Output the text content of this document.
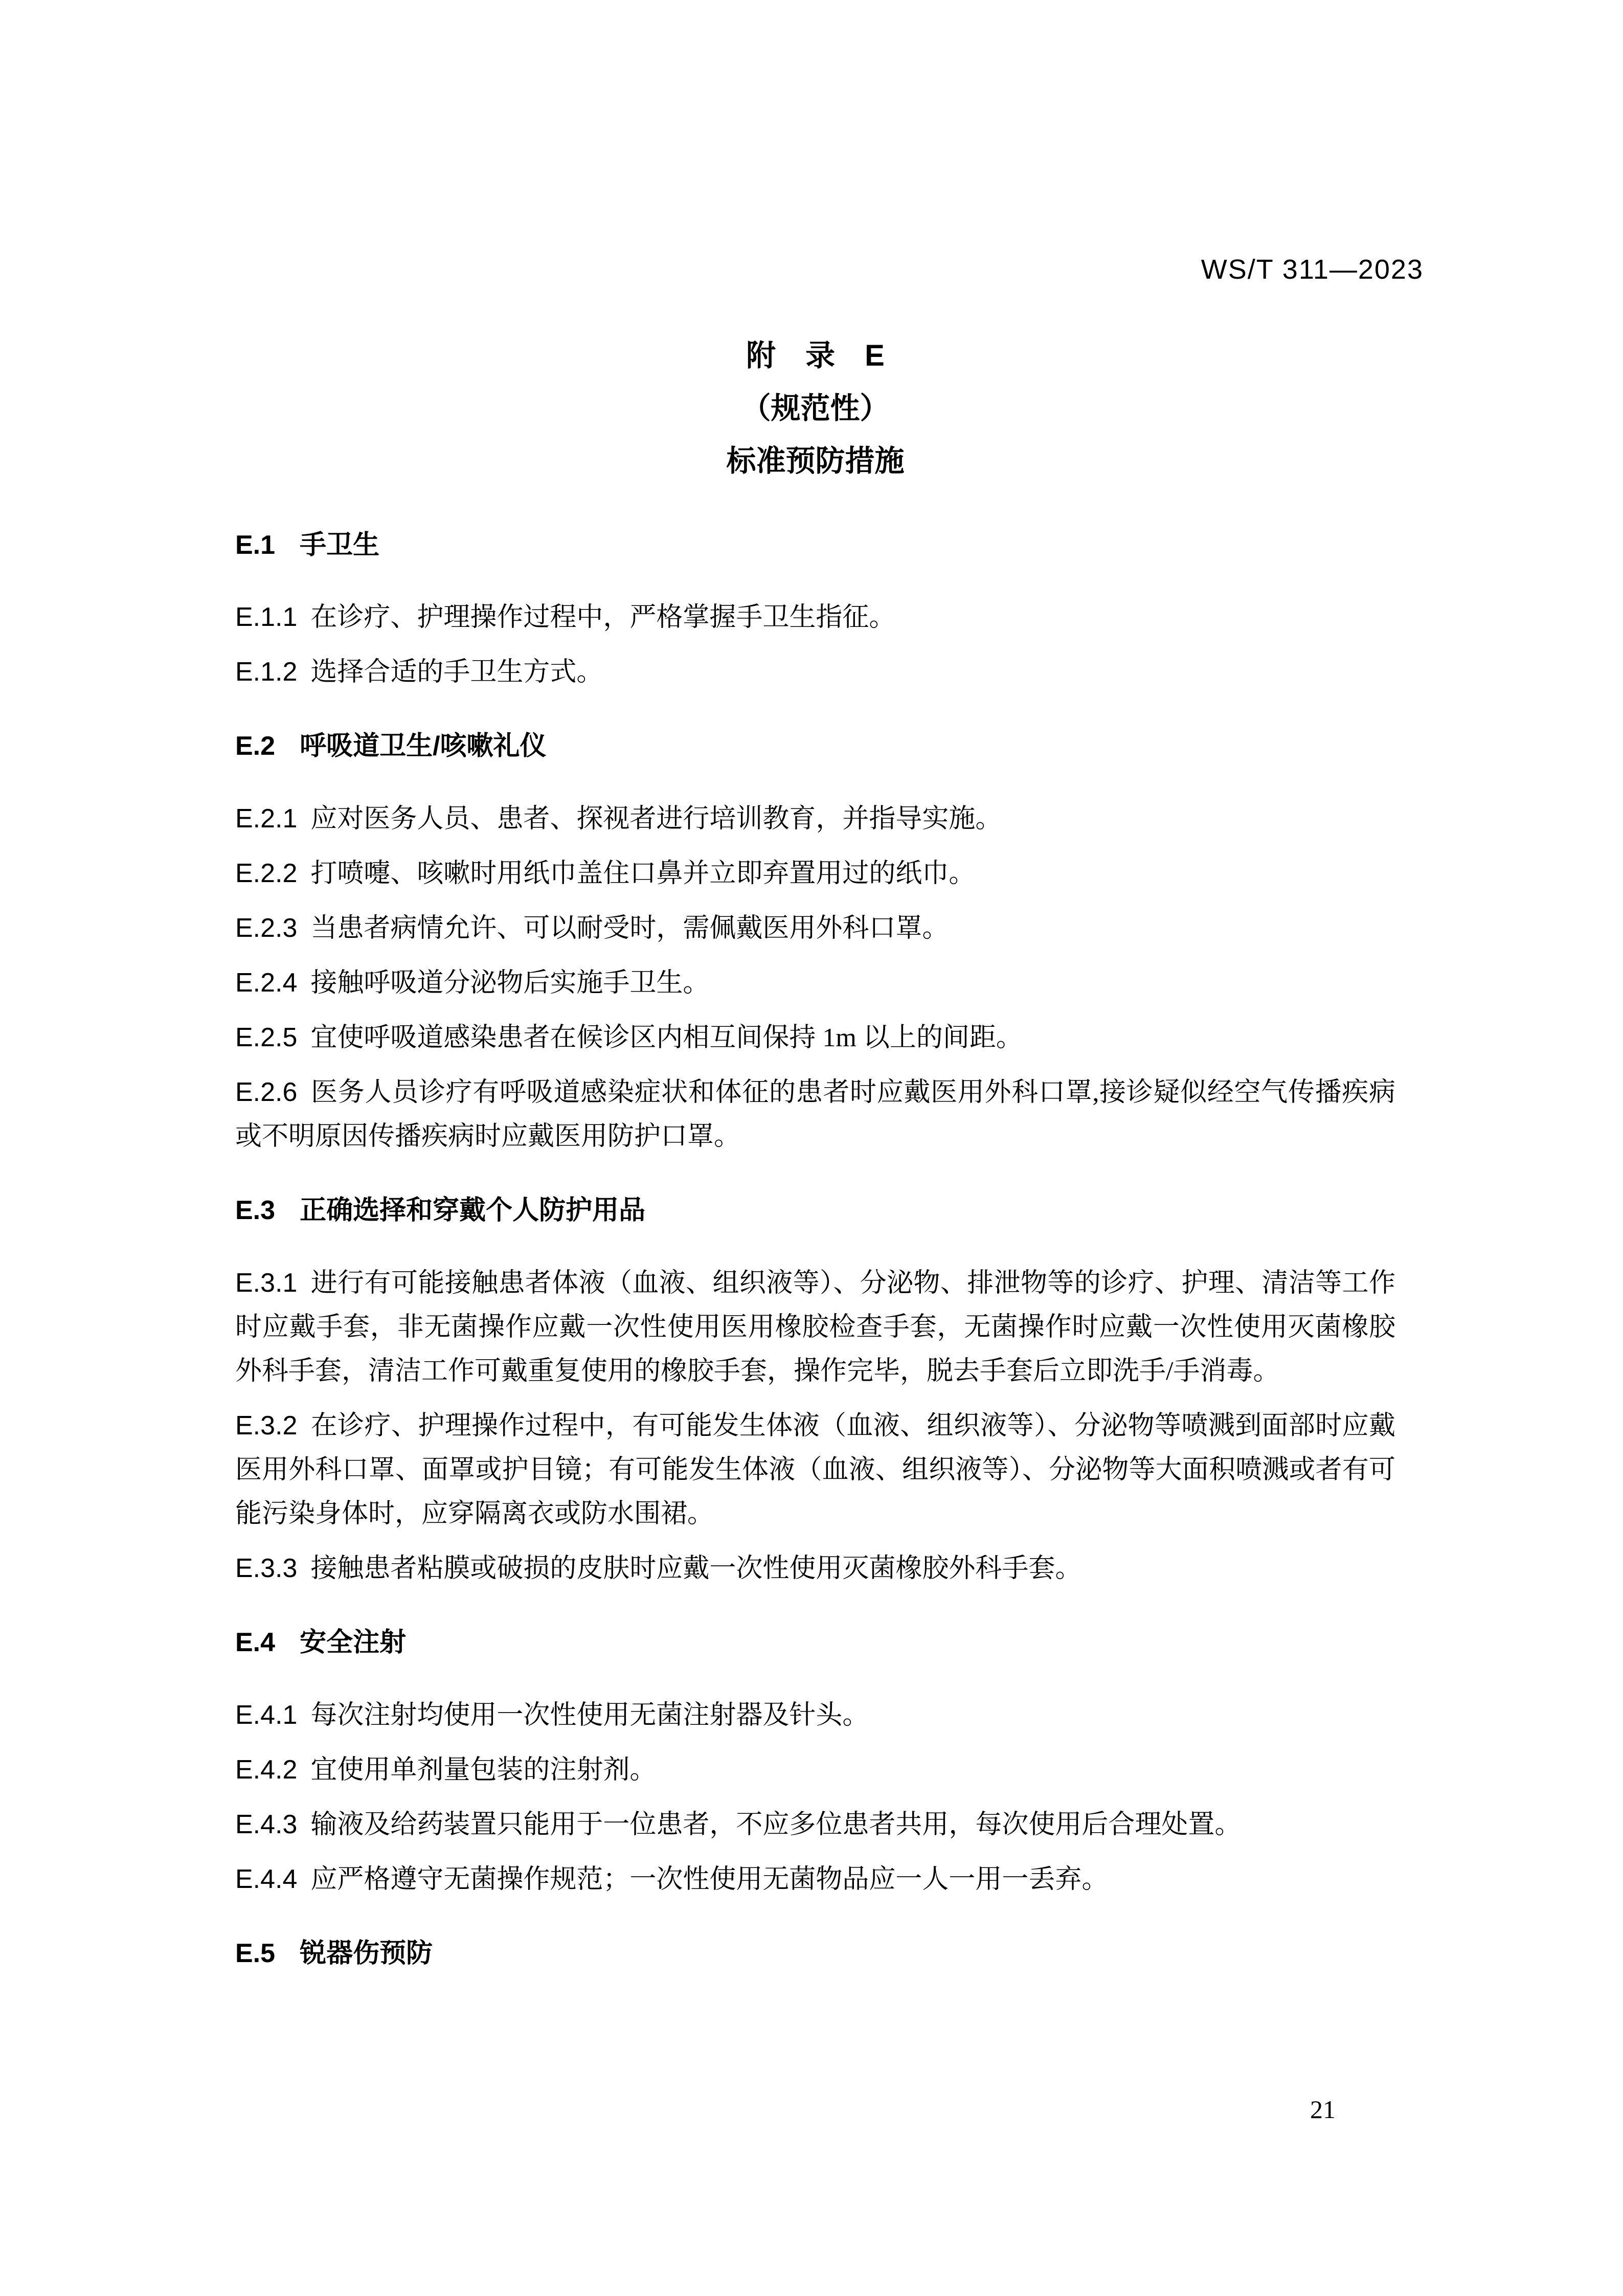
WS/T 311—2023
附　录　E
（规范性）
标准预防措施
E.1 手卫生

E.1.1 在诊疗、护理操作过程中，严格掌握手卫生指征。

E.1.2 选择合适的手卫生方式。

E.2 呼吸道卫生/咳嗽礼仪

E.2.1 应对医务人员、患者、探视者进行培训教育，并指导实施。

E.2.2 打喷嚏、咳嗽时用纸巾盖住口鼻并立即弃置用过的纸巾。

E.2.3 当患者病情允许、可以耐受时，需佩戴医用外科口罩。

E.2.4 接触呼吸道分泌物后实施手卫生。

E.2.5 宜使呼吸道感染患者在候诊区内相互间保持 1m 以上的间距。

E.2.6 医务人员诊疗有呼吸道感染症状和体征的患者时应戴医用外科口罩,接诊疑似经空气传播疾病或不明原因传播疾病时应戴医用防护口罩。

E.3 正确选择和穿戴个人防护用品

E.3.1 进行有可能接触患者体液（血液、组织液等）、分泌物、排泄物等的诊疗、护理、清洁等工作时应戴手套，非无菌操作应戴一次性使用医用橡胶检查手套，无菌操作时应戴一次性使用灭菌橡胶外科手套，清洁工作可戴重复使用的橡胶手套，操作完毕，脱去手套后立即洗手/手消毒。

E.3.2 在诊疗、护理操作过程中，有可能发生体液（血液、组织液等）、分泌物等喷溅到面部时应戴医用外科口罩、面罩或护目镜；有可能发生体液（血液、组织液等）、分泌物等大面积喷溅或者有可能污染身体时，应穿隔离衣或防水围裙。

E.3.3 接触患者粘膜或破损的皮肤时应戴一次性使用灭菌橡胶外科手套。

E.4 安全注射

E.4.1 每次注射均使用一次性使用无菌注射器及针头。

E.4.2 宜使用单剂量包装的注射剂。

E.4.3 输液及给药装置只能用于一位患者，不应多位患者共用，每次使用后合理处置。

E.4.4 应严格遵守无菌操作规范；一次性使用无菌物品应一人一用一丢弃。

E.5 锐器伤预防
21
